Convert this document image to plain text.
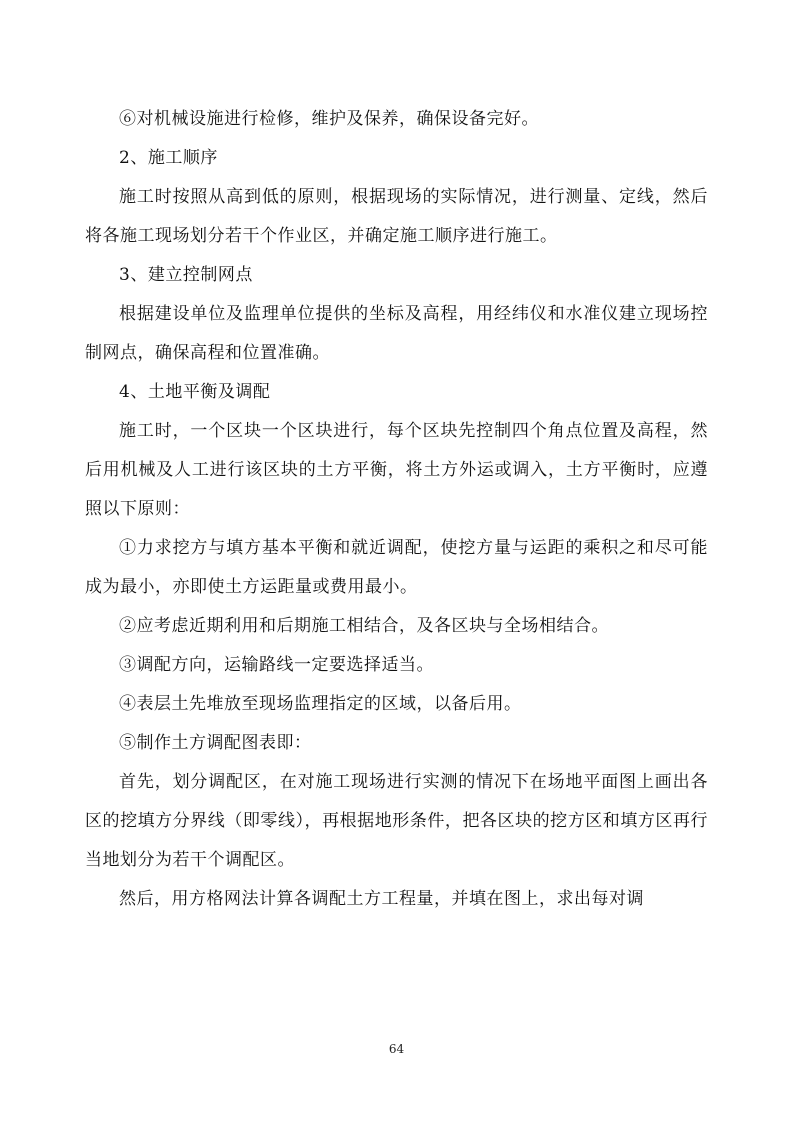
⑥对机械设施进行检修，维护及保养，确保设备完好。

2、施工顺序

施工时按照从高到低的原则，根据现场的实际情况，进行测量、定线，然后将各施工现场划分若干个作业区，并确定施工顺序进行施工。

3、建立控制网点

根据建设单位及监理单位提供的坐标及高程，用经纬仪和水准仪建立现场控制网点，确保高程和位置准确。

4、土地平衡及调配

施工时，一个区块一个区块进行，每个区块先控制四个角点位置及高程，然后用机械及人工进行该区块的土方平衡，将土方外运或调入，土方平衡时，应遵照以下原则：

①力求挖方与填方基本平衡和就近调配，使挖方量与运距的乘积之和尽可能成为最小，亦即使土方运距量或费用最小。

②应考虑近期利用和后期施工相结合，及各区块与全场相结合。

③调配方向，运输路线一定要选择适当。

④表层土先堆放至现场监理指定的区域，以备后用。

⑤制作土方调配图表即：

首先，划分调配区，在对施工现场进行实测的情况下在场地平面图上画出各区的挖填方分界线（即零线），再根据地形条件，把各区块的挖方区和填方区再行当地划分为若干个调配区。

然后，用方格网法计算各调配土方工程量，并填在图上，求出每对调

64
